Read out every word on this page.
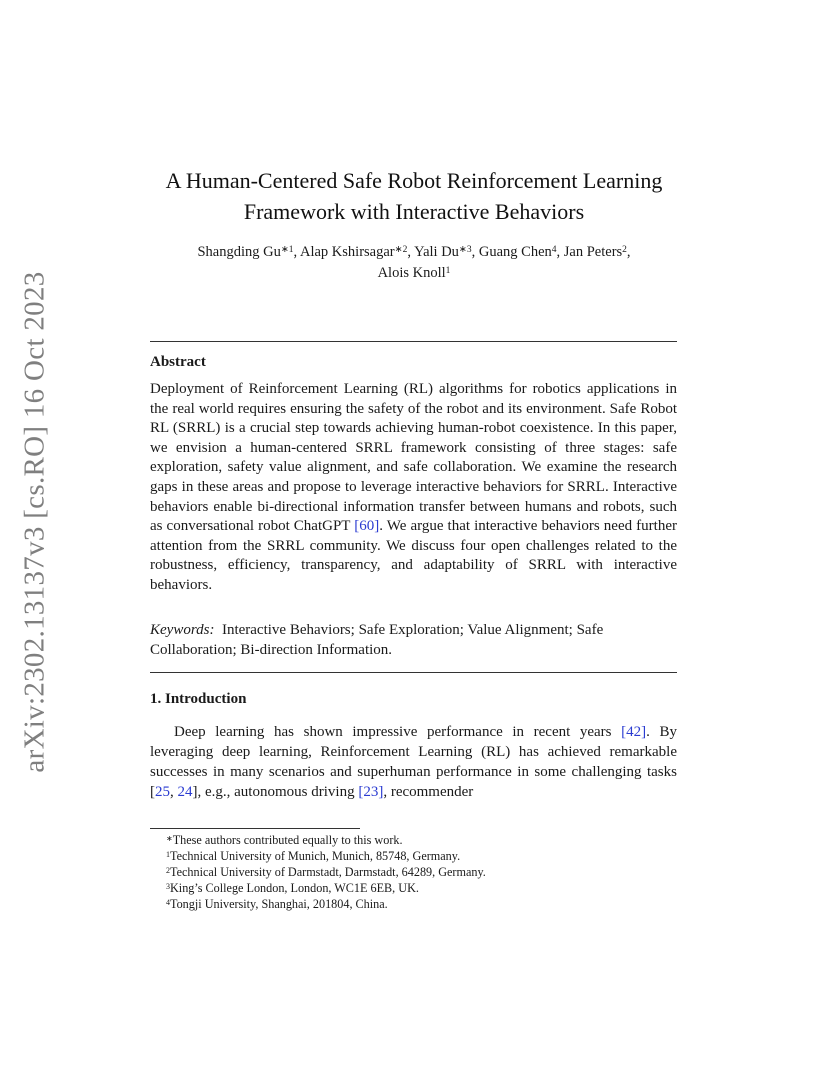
arXiv:2302.13137v3 [cs.RO] 16 Oct 2023
A Human-Centered Safe Robot Reinforcement Learning
Framework with Interactive Behaviors
Shangding $Gu^{∗1}$, Alap Kshirsagar$^{∗2}$, Yali $Du^{∗3}$, Guang Chen$^4$, Jan Peters$^2$,
Alois Knoll$^1$
Abstract

Deployment of Reinforcement Learning (RL) algorithms for robotics applications in the real world requires ensuring the safety of the robot and its environment. Safe Robot RL (SRRL) is a crucial step towards achieving human-robot coexistence. In this paper, we envision a human-centered SRRL framework consisting of three stages: safe exploration, safety value alignment, and safe collaboration. We examine the research gaps in these areas and propose to leverage interactive behaviors for SRRL. Interactive behaviors enable bi-directional information transfer between humans and robots, such as conversational robot ChatGPT [60]. We argue that interactive behaviors need further attention from the SRRL community. We discuss four open challenges related to the robustness, efficiency, transparency, and adaptability of SRRL with interactive behaviors.

Keywords: Interactive Behaviors; Safe Exploration; Value Alignment; Safe Collaboration; Bi-direction Information.

1. Introduction

Deep learning has shown impressive performance in recent years [42]. By leveraging deep learning, Reinforcement Learning (RL) has achieved remarkable successes in many scenarios and superhuman performance in some challenging tasks [25, 24], e.g., autonomous driving [23], recommender

∗These authors contributed equally to this work.
$^1$Technical University of Munich, Munich, 85748, Germany.
$^2$Technical University of Darmstadt, Darmstadt, 64289, Germany.
$^3$King’s College London, London, WC1E 6EB, UK.
$^4$Tongji University, Shanghai, 201804, China.
